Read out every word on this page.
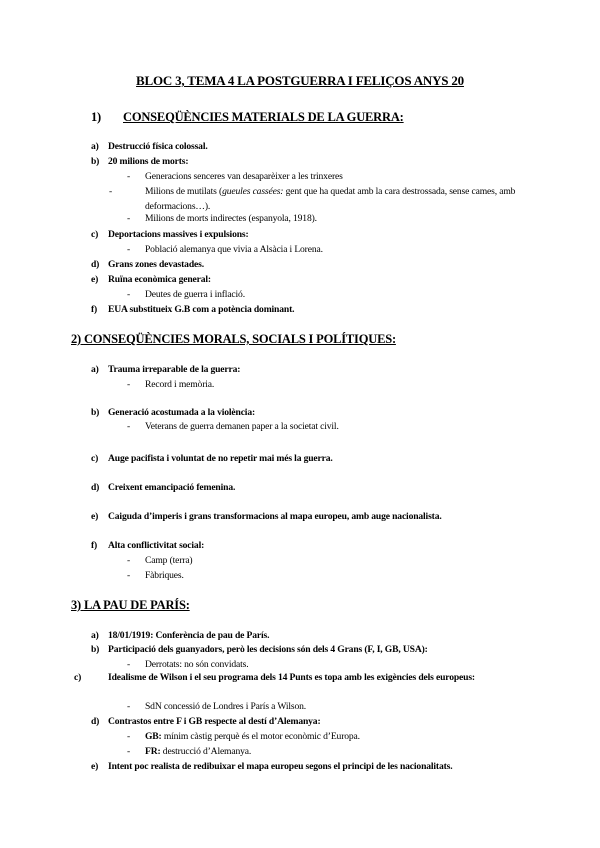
BLOC 3, TEMA 4 LA POSTGUERRA I FELIÇOS ANYS 20
1) CONSEQÜÈNCIES MATERIALS DE LA GUERRA:
a) Destrucció física colossal.
b) 20 milions de morts:
- Generacions senceres van desaparèixer a les trinxeres
-	Milions de mutilats (gueules cassées: gent que ha quedat amb la cara destrossada, sense cames, amb deformacions…).
- Milions de morts indirectes (espanyola, 1918).
c) Deportacions massives i expulsions:
- Població alemanya que vivia a Alsàcia i Lorena.
d) Grans zones devastades.
e) Ruïna econòmica general:
- Deutes de guerra i inflació.
f) EUA substitueix G.B com a potència dominant.
2) CONSEQÜÈNCIES MORALS, SOCIALS I POLÍTIQUES:
a) Trauma irreparable de la guerra:
- Record i memòria.
b) Generació acostumada a la violència:
- Veterans de guerra demanen paper a la societat civil.
c) Auge pacifista i voluntat de no repetir mai més la guerra.
d) Creixent emancipació femenina.
e) Caiguda d’imperis i grans transformacions al mapa europeu, amb auge nacionalista.
f) Alta conflictivitat social:
- Camp (terra)
- Fàbriques.
3) LA PAU DE PARÍS:
a) 18/01/1919: Conferència de pau de París.
b) Participació dels guanyadors, però les decisions són dels 4 Grans (F, I, GB, USA):
- Derrotats: no són convidats.
c)	Idealisme de Wilson i el seu programa dels 14 Punts es topa amb les exigències dels europeus:
- SdN concessió de Londres i París a Wilson.
d) Contrastos entre F i GB respecte al destí d’Alemanya:
- GB: mínim càstig perquè és el motor econòmic d’Europa.
- FR: destrucció d’Alemanya.
e) Intent poc realista de redibuixar el mapa europeu segons el principi de les nacionalitats.
